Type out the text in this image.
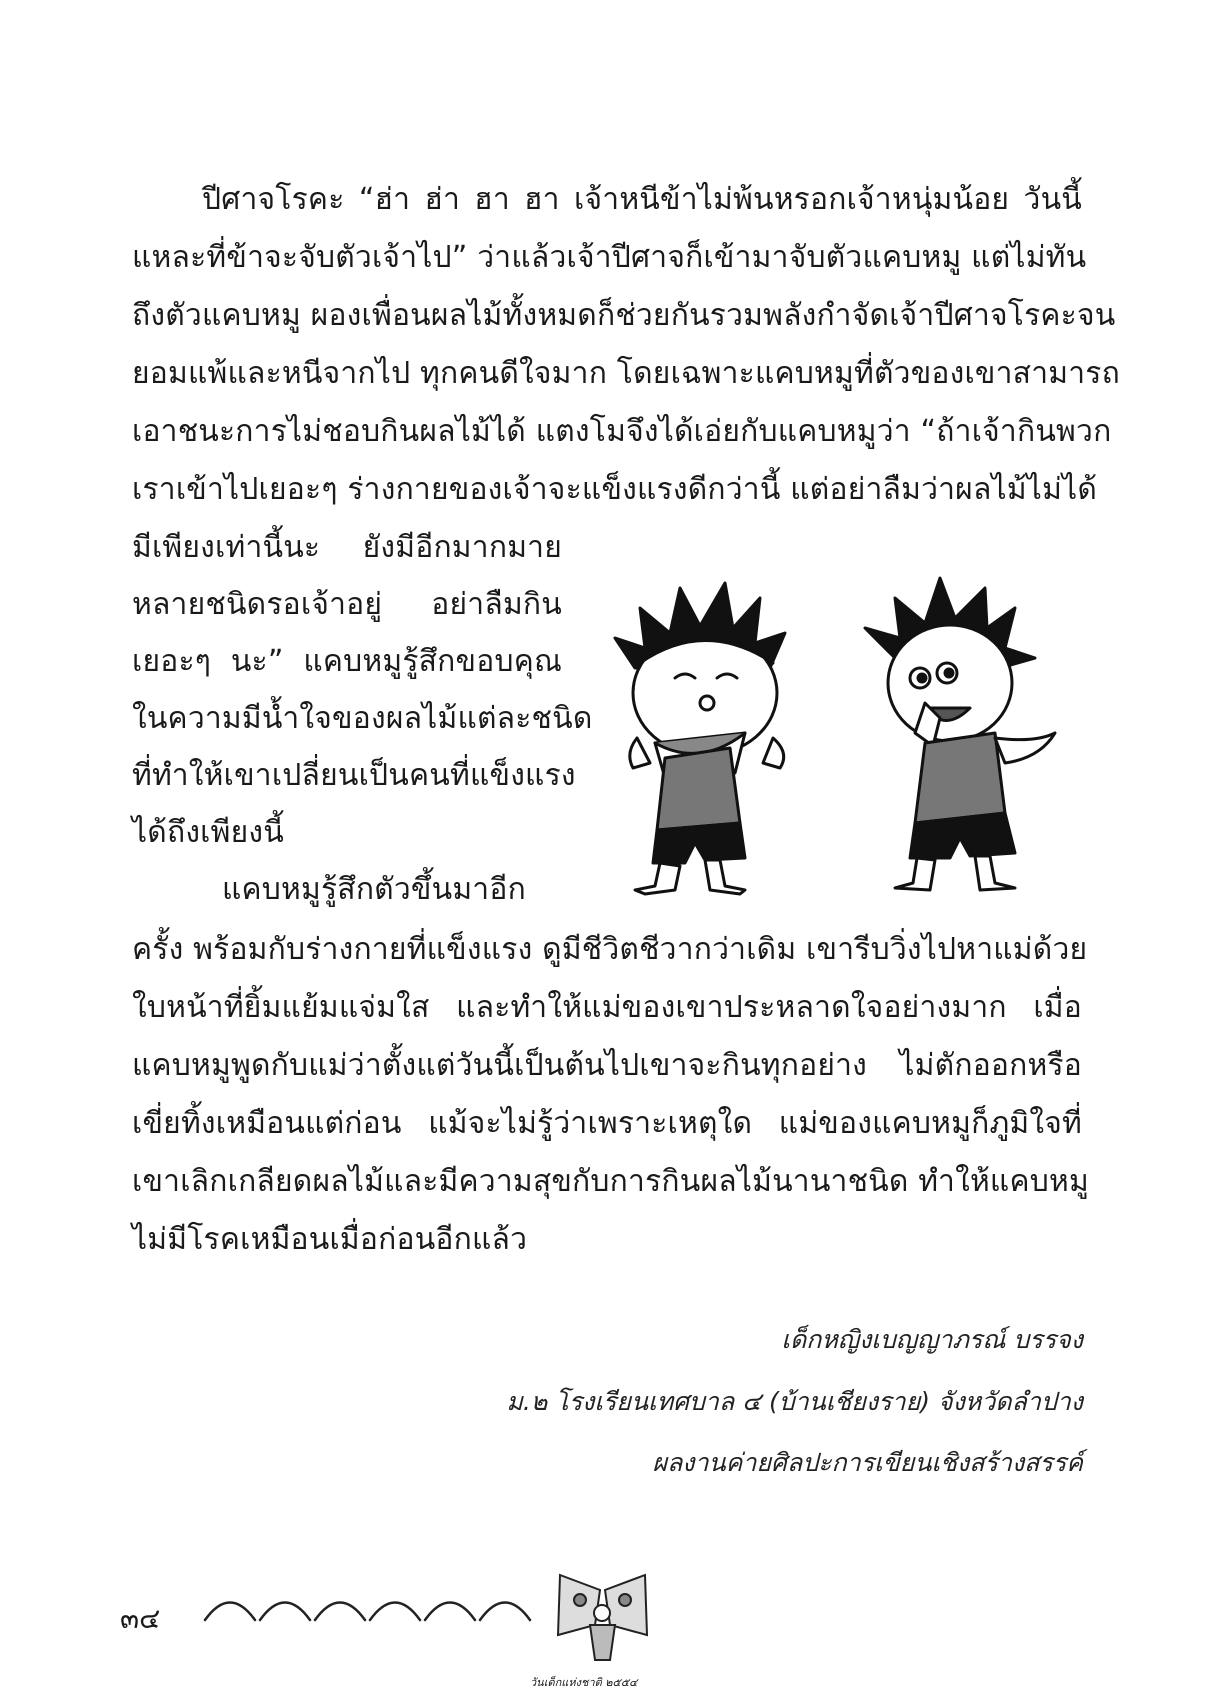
ปีศาจโรคะ “ฮ่า ฮ่า ฮา ฮา เจ้าหนีข้าไม่พ้นหรอกเจ้าหนุ่มน้อย วันนี้
แหละที่ข้าจะจับตัวเจ้าไป” ว่าแล้วเจ้าปีศาจก็เข้ามาจับตัวแคบหมู แต่ไม่ทัน
ถึงตัวแคบหมู ผองเพื่อนผลไม้ทั้งหมดก็ช่วยกันรวมพลังกำจัดเจ้าปีศาจโรคะจน
ยอมแพ้และหนีจากไป ทุกคนดีใจมาก โดยเฉพาะแคบหมูที่ตัวของเขาสามารถ
เอาชนะการไม่ชอบกินผลไม้ได้ แตงโมจึงได้เอ่ยกับแคบหมูว่า “ถ้าเจ้ากินพวก
เราเข้าไปเยอะๆ ร่างกายของเจ้าจะแข็งแรงดีกว่านี้ แต่อย่าลืมว่าผลไม้ไม่ได้
มีเพียงเท่านี้นะ ยังมีอีกมากมาย
หลายชนิดรอเจ้าอยู่ อย่าลืมกิน
เยอะๆ นะ” แคบหมูรู้สึกขอบคุณ
ในความมีน้ำใจของผลไม้แต่ละชนิด
ที่ทำให้เขาเปลี่ยนเป็นคนที่แข็งแรง
ได้ถึงเพียงนี้
แคบหมูรู้สึกตัวขึ้นมาอีก
ครั้ง พร้อมกับร่างกายที่แข็งแรง ดูมีชีวิตชีวากว่าเดิม เขารีบวิ่งไปหาแม่ด้วย
ใบหน้าที่ยิ้มแย้มแจ่มใส และทำให้แม่ของเขาประหลาดใจอย่างมาก เมื่อ
แคบหมูพูดกับแม่ว่าตั้งแต่วันนี้เป็นต้นไปเขาจะกินทุกอย่าง ไม่ตักออกหรือ
เขี่ยทิ้งเหมือนแต่ก่อน แม้จะไม่รู้ว่าเพราะเหตุใด แม่ของแคบหมูก็ภูมิใจที่
เขาเลิกเกลียดผลไม้และมีความสุขกับการกินผลไม้นานาชนิด ทำให้แคบหมู
ไม่มีโรคเหมือนเมื่อก่อนอีกแล้ว
เด็กหญิงเบญญาภรณ์ บรรจง
ม.๒ โรงเรียนเทศบาล ๔ (บ้านเชียงราย) จังหวัดลำปาง
ผลงานค่ายศิลปะการเขียนเชิงสร้างสรรค์
๓๔
วันเด็กแห่งชาติ ๒๕๕๔
